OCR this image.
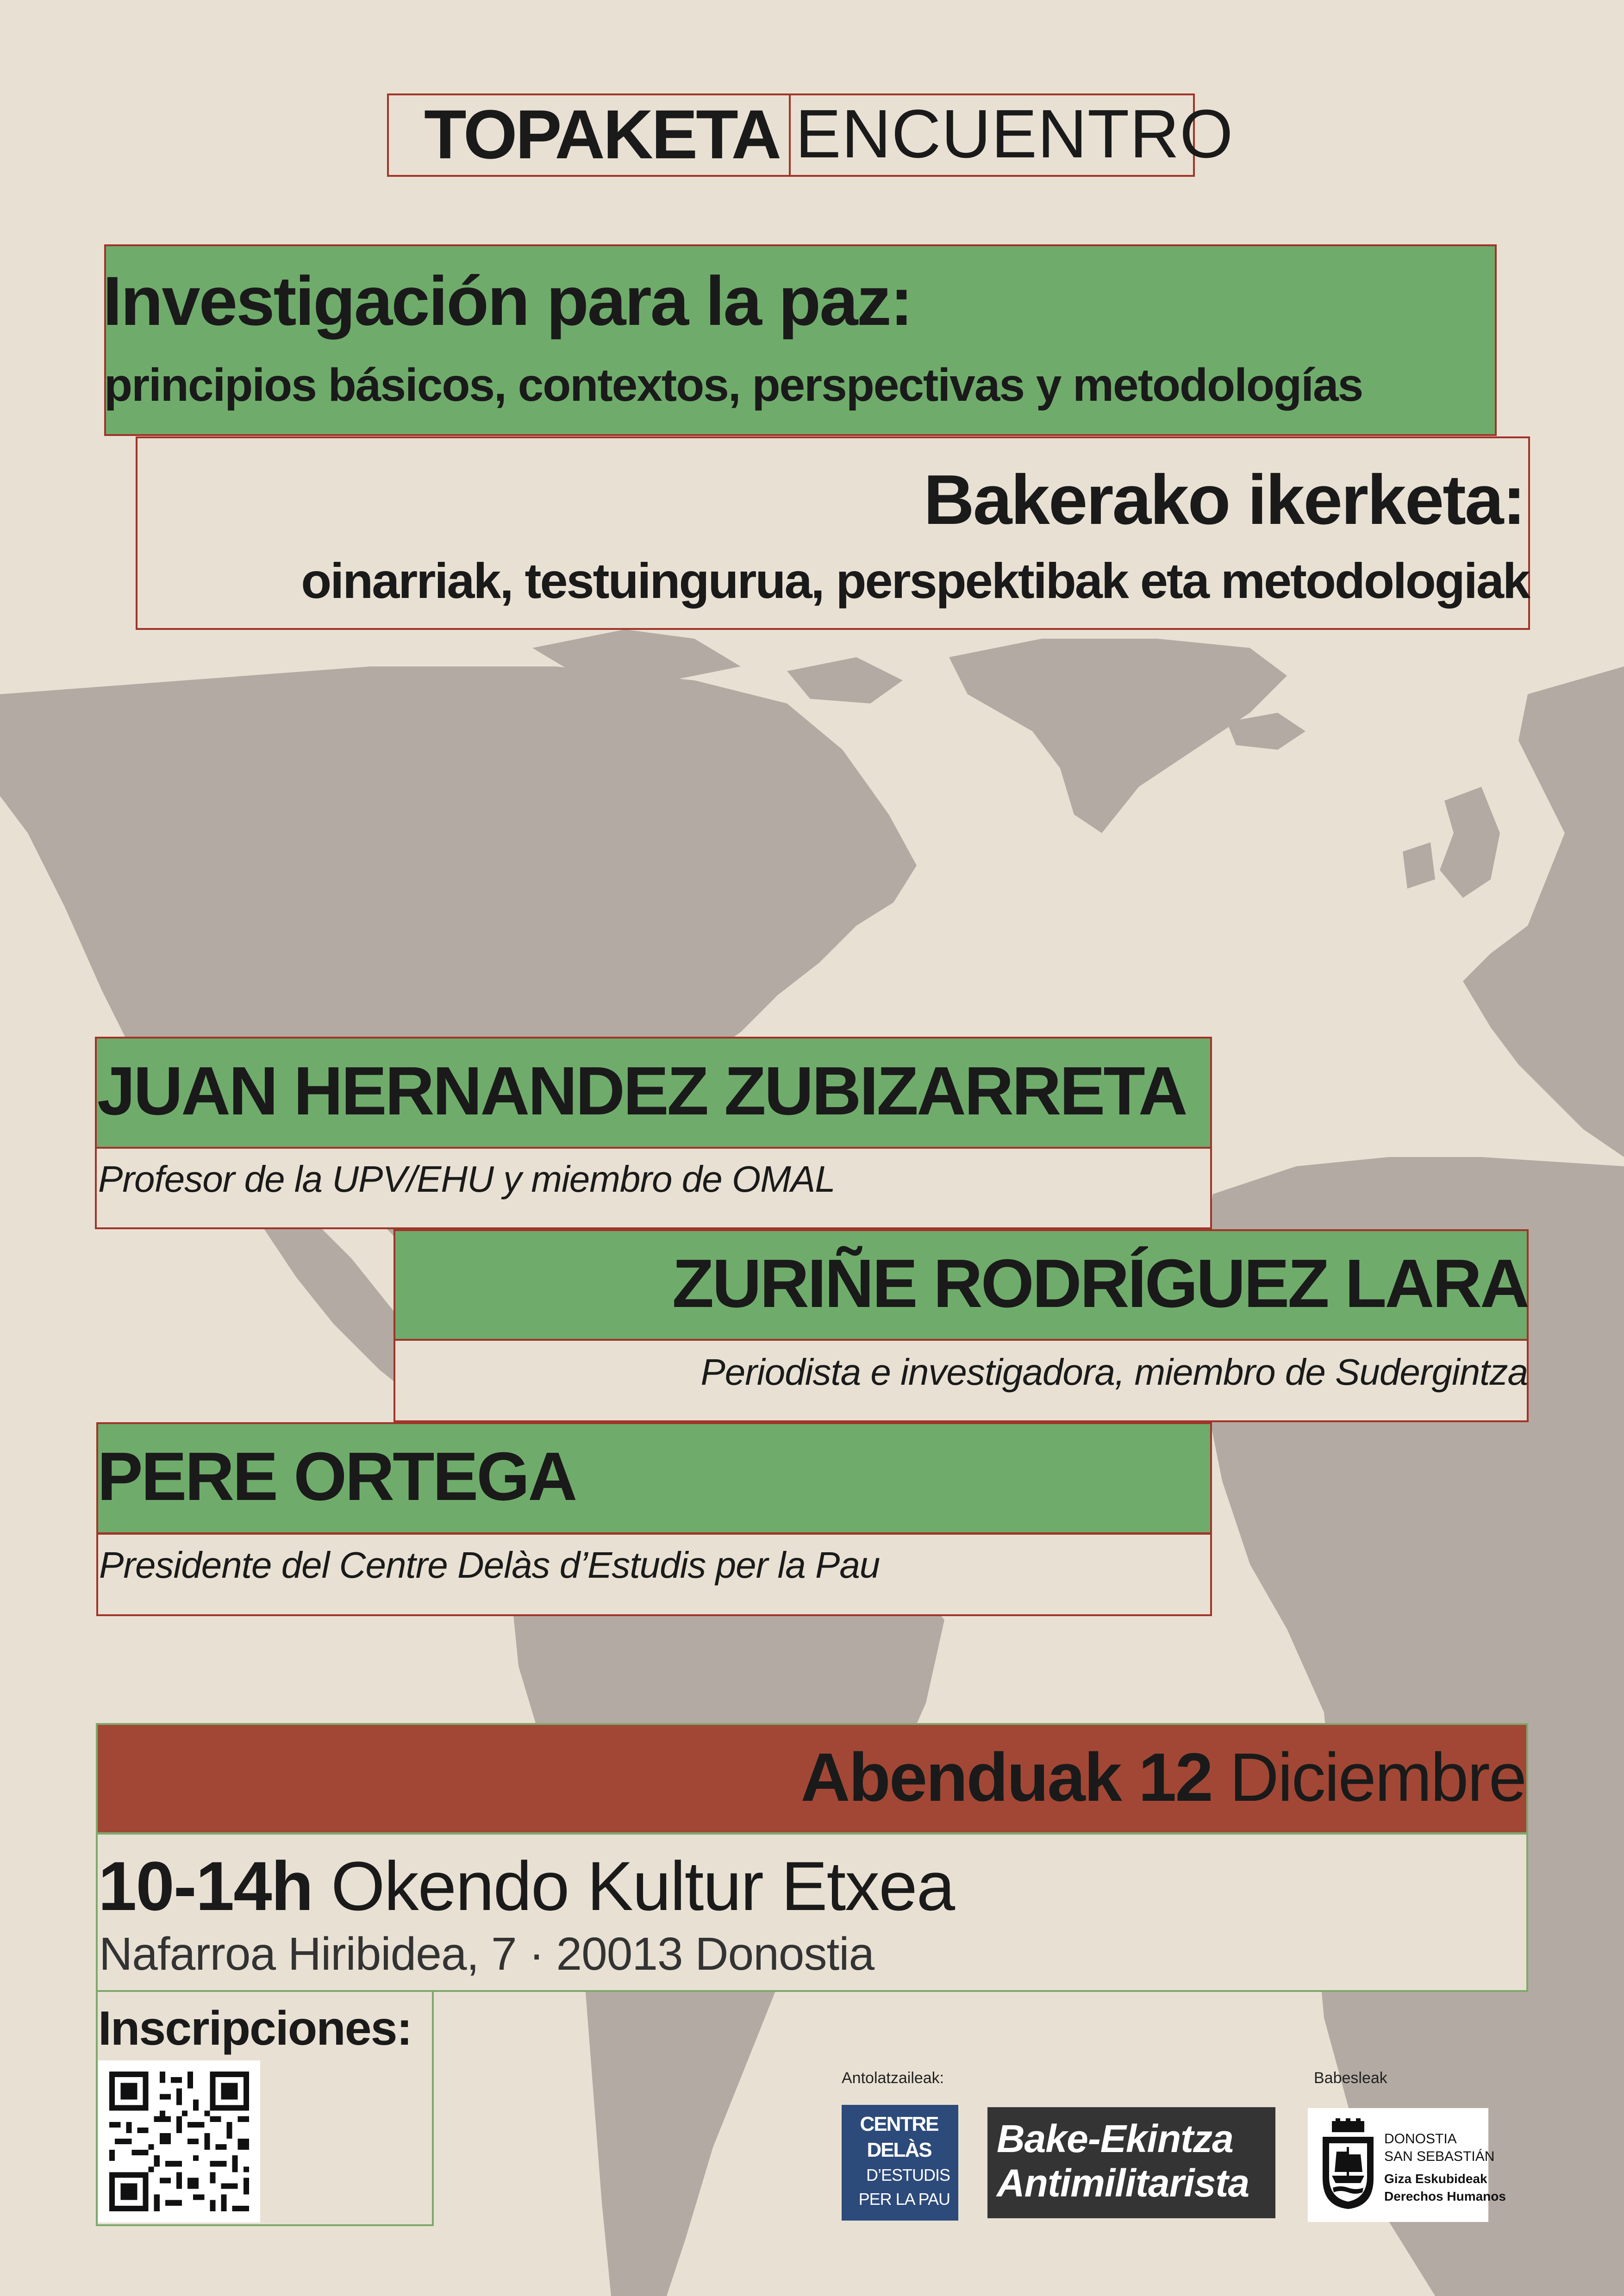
TOPAKETA ENCUENTRO
Investigación para la paz:
principios básicos, contextos, perspectivas y metodologías
Bakerako ikerketa:
oinarriak, testuingurua, perspektibak eta metodologiak
JUAN HERNANDEZ ZUBIZARRETA
Profesor de la UPV/EHU y miembro de OMAL
ZURIÑE RODRÍGUEZ LARA
Periodista e investigadora, miembro de Sudergintza
PERE ORTEGA
Presidente del Centre Delàs d’Estudis per la Pau
Abenduak 12 Diciembre
10-14h Okendo Kultur Etxea
Nafarroa Hiribidea, 7 · 20013 Donostia
Inscripciones:
Antolatzaileak:	Babesleak
CENTRE DELÀS
D’ESTUDIS
PER LA PAU
Bake-Ekintza
Antimilitarista
DONOSTIA
SAN SEBASTIÁN
Giza Eskubideak
Derechos Humanos
